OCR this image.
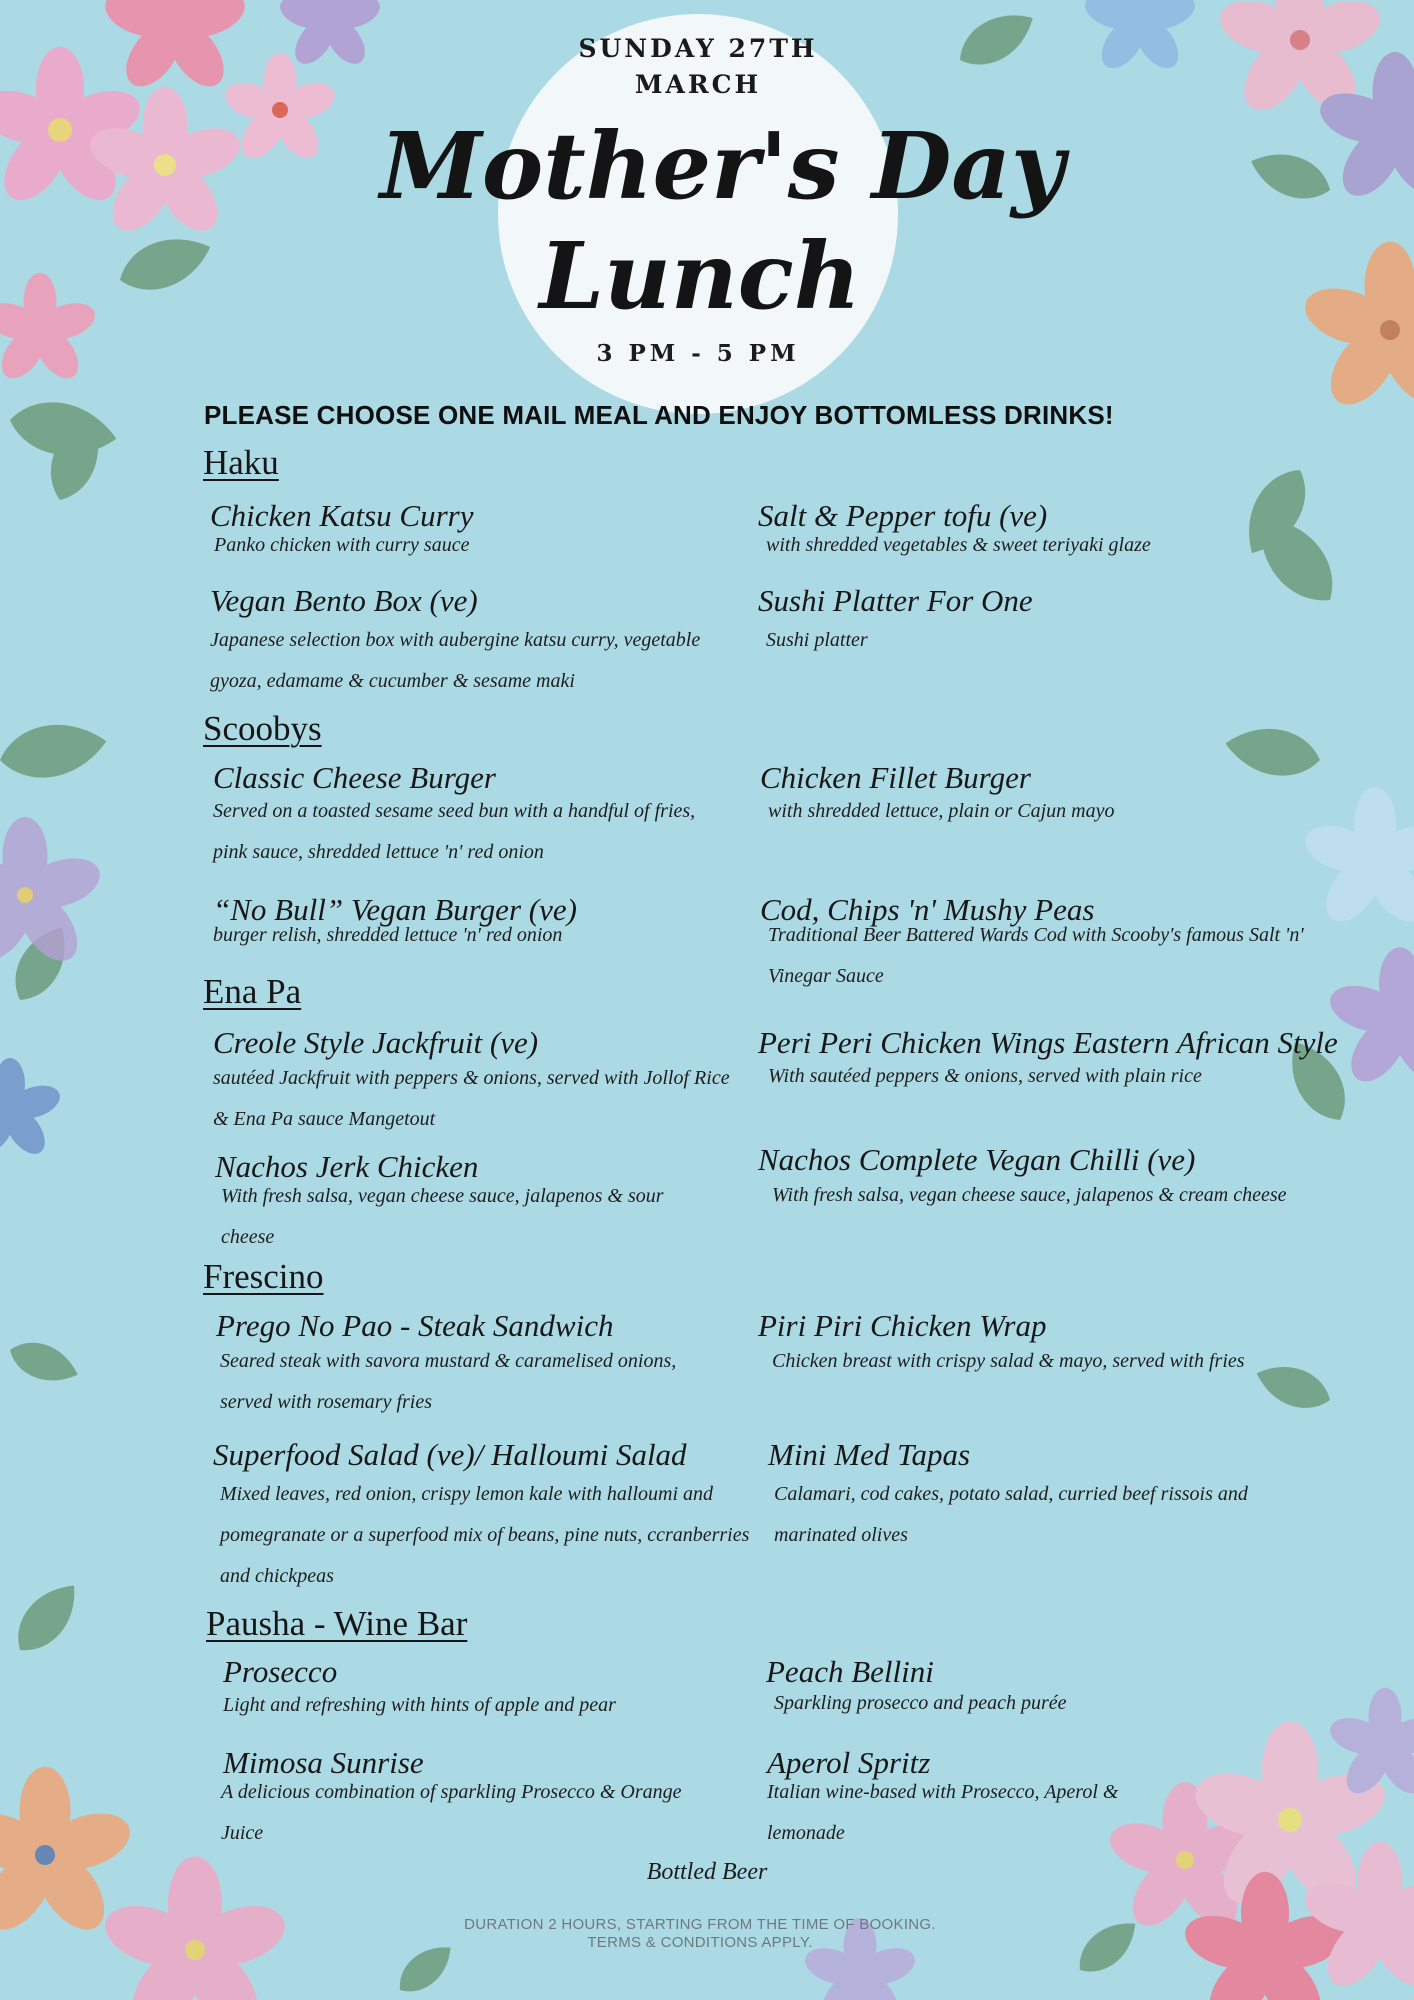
SUNDAY 27TH

MARCH

Mother's Day

Lunch

3 PM - 5 PM

PLEASE CHOOSE ONE MAIL MEAL AND ENJOY BOTTOMLESS DRINKS!

Haku

Chicken Katsu Curry

Panko chicken with curry sauce

Salt & Pepper tofu (ve)

with shredded vegetables & sweet teriyaki glaze

Vegan Bento Box (ve)

Japanese selection box with aubergine katsu curry, vegetable gyoza, edamame & cucumber & sesame maki

Sushi Platter For One

Sushi platter

Scoobys

Classic Cheese Burger

Served on a toasted sesame seed bun with a handful of fries, pink sauce, shredded lettuce 'n' red onion

Chicken Fillet Burger

with shredded lettuce, plain or Cajun mayo

“No Bull” Vegan Burger (ve)

burger relish, shredded lettuce 'n' red onion

Cod, Chips 'n' Mushy Peas

Traditional Beer Battered Wards Cod with Scooby's famous Salt 'n' Vinegar Sauce

Ena Pa

Creole Style Jackfruit (ve)

sautéed Jackfruit with peppers & onions, served with Jollof Rice & Ena Pa sauce Mangetout

Peri Peri Chicken Wings Eastern African Style

With sautéed peppers & onions, served with plain rice

Nachos Jerk Chicken

With fresh salsa, vegan cheese sauce, jalapenos & sour cheese

Nachos Complete Vegan Chilli (ve)

With fresh salsa, vegan cheese sauce, jalapenos & cream cheese

Frescino

Prego No Pao - Steak Sandwich

Seared steak with savora mustard & caramelised onions, served with rosemary fries

Piri Piri Chicken Wrap

Chicken breast with crispy salad & mayo, served with fries

Superfood Salad (ve)/ Halloumi Salad

Mixed leaves, red onion, crispy lemon kale with halloumi and pomegranate or a superfood mix of beans, pine nuts, ccranberries and chickpeas

Mini Med Tapas

Calamari, cod cakes, potato salad, curried beef rissois and marinated olives

Pausha - Wine Bar

Prosecco

Light and refreshing with hints of apple and pear

Peach Bellini

Sparkling prosecco and peach purée

Mimosa Sunrise

A delicious combination of sparkling Prosecco & Orange Juice

Aperol Spritz

Italian wine-based with Prosecco, Aperol & lemonade

Bottled Beer

DURATION 2 HOURS, STARTING FROM THE TIME OF BOOKING.

TERMS & CONDITIONS APPLY.
